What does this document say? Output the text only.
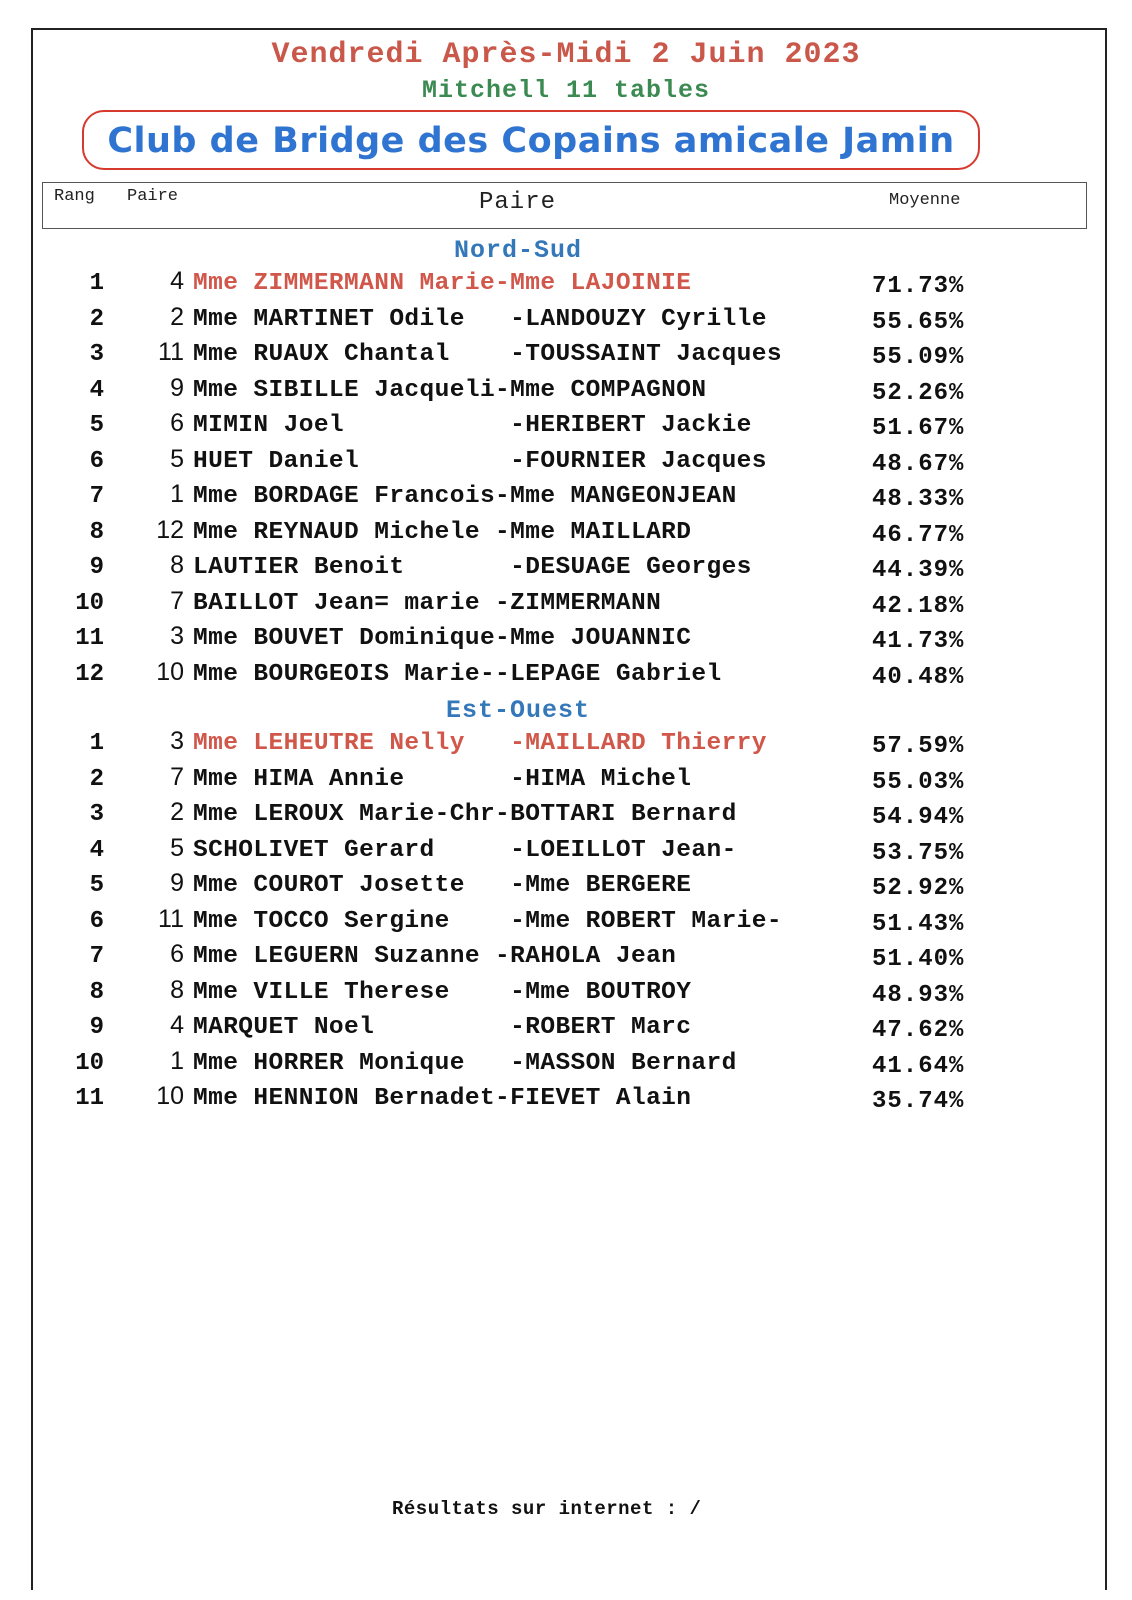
Vendredi Après-Midi 2 Juin 2023
Mitchell 11 tables
Club de Bridge des Copains amicale Jamin
Rang Paire	Paire	Moyenne
Nord-Sud
1	4 Mme ZIMMERMANN Marie-Mme LAJOINIE	71.73%
2	2 Mme MARTINET Odile   -LANDOUZY Cyrille	55.65%
3	11 Mme RUAUX Chantal    -TOUSSAINT Jacques	55.09%
4	9 Mme SIBILLE Jacqueli-Mme COMPAGNON	52.26%
5	6 MIMIN Joel           -HERIBERT Jackie	51.67%
6	5 HUET Daniel          -FOURNIER Jacques	48.67%
7	1 Mme BORDAGE Francois-Mme MANGEONJEAN	48.33%
8	12 Mme REYNAUD Michele -Mme MAILLARD	46.77%
9	8 LAUTIER Benoit       -DESUAGE Georges	44.39%
10	7 BAILLOT Jean= marie -ZIMMERMANN	42.18%
11	3 Mme BOUVET Dominique-Mme JOUANNIC	41.73%
12	10 Mme BOURGEOIS Marie--LEPAGE Gabriel	40.48%
Est-Ouest
1	3 Mme LEHEUTRE Nelly   -MAILLARD Thierry	57.59%
2	7 Mme HIMA Annie       -HIMA Michel	55.03%
3	2 Mme LEROUX Marie-Chr-BOTTARI Bernard	54.94%
4	5 SCHOLIVET Gerard     -LOEILLOT Jean-	53.75%
5	9 Mme COUROT Josette   -Mme BERGERE	52.92%
6	11 Mme TOCCO Sergine    -Mme ROBERT Marie-	51.43%
7	6 Mme LEGUERN Suzanne -RAHOLA Jean	51.40%
8	8 Mme VILLE Therese    -Mme BOUTROY	48.93%
9	4 MARQUET Noel         -ROBERT Marc	47.62%
10	1 Mme HORRER Monique   -MASSON Bernard	41.64%
11	10 Mme HENNION Bernadet-FIEVET Alain	35.74%
Résultats sur internet : /
